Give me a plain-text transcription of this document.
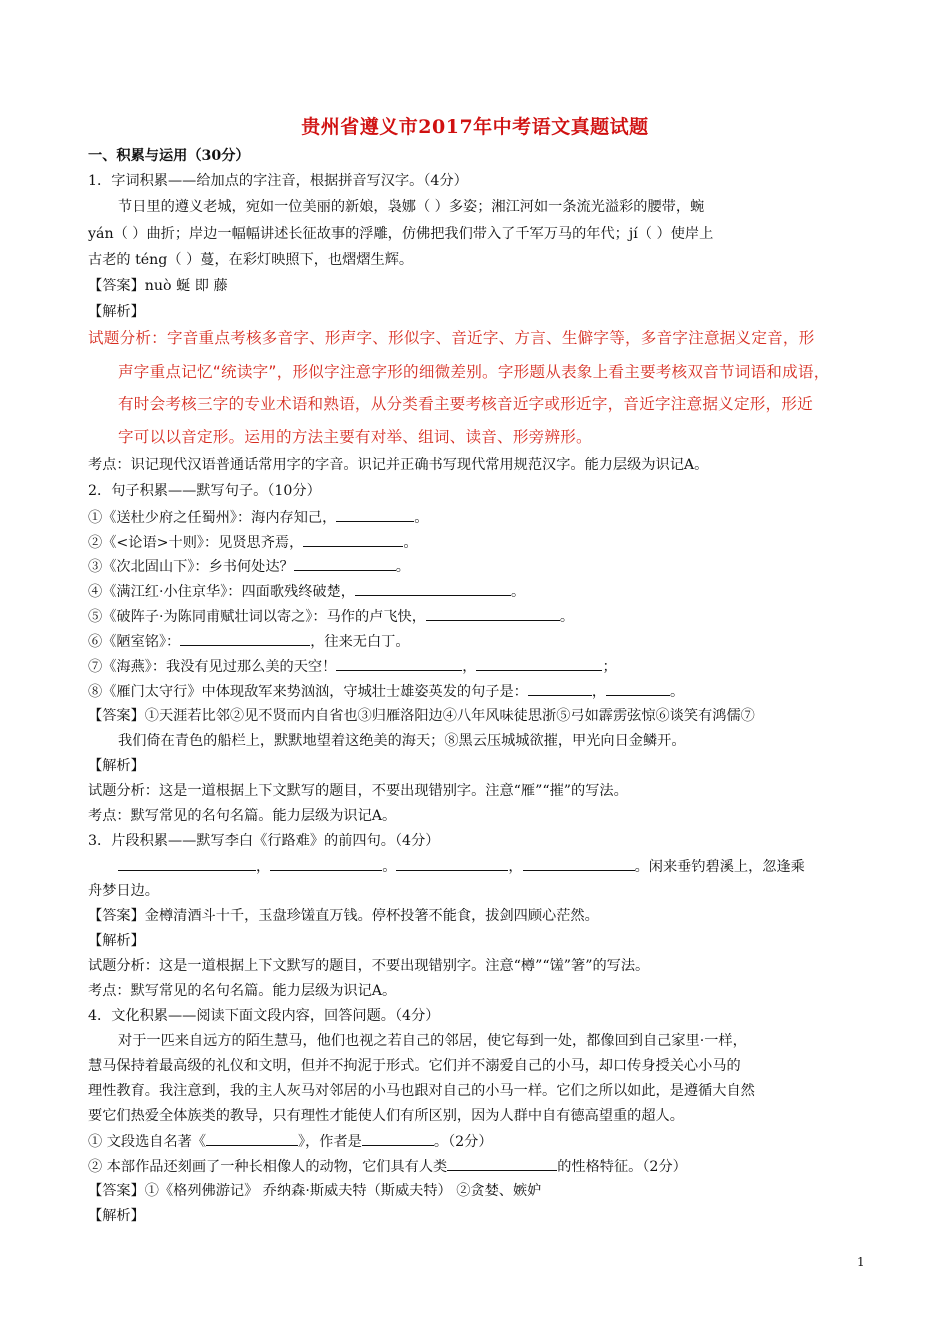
贵州省遵义市2017年中考语文真题试题
一、积累与运用（30分）
1．字词积累——给加点的字注音，根据拼音写汉字。（4分）
节日里的遵义老城，宛如一位美丽的新娘，袅娜（ ）多姿；湘江河如一条流光溢彩的腰带，蜿
yán（ ）曲折；岸边一幅幅讲述长征故事的浮雕，仿佛把我们带入了千军万马的年代；jí（ ）使岸上
古老的 téng（ ）蔓，在彩灯映照下，也熠熠生辉。
【答案】nuò 蜒 即 藤
【解析】
试题分析：字音重点考核多音字、形声字、形似字、音近字、方言、生僻字等，多音字注意据义定音，形
声字重点记忆“统读字”，形似字注意字形的细微差别。字形题从表象上看主要考核双音节词语和成语，
有时会考核三字的专业术语和熟语，从分类看主要考核音近字或形近字，音近字注意据义定形，形近
字可以以音定形。运用的方法主要有对举、组词、读音、形旁辨形。
考点：识记现代汉语普通话常用字的字音。识记并正确书写现代常用规范汉字。能力层级为识记A。
2．句子积累——默写句子。（10分）
①《送杜少府之任蜀州》：海内存知己，	。
②《<论语>十则》：见贤思齐焉，	。
③《次北固山下》：乡书何处达？	。
④《满江红·小住京华》：四面歌残终破楚，	。
⑤《破阵子·为陈同甫赋壮词以寄之》：马作的卢飞快，	。
⑥《陋室铭》：	，往来无白丁。
⑦《海燕》：我没有见过那么美的天空！	，	；
⑧《雁门太守行》中体现敌军来势汹汹，守城壮士雄姿英发的句子是：	，	。
【答案】①天涯若比邻②见不贤而内自省也③归雁洛阳边④八年风味徒思浙⑤弓如霹雳弦惊⑥谈笑有鸿儒⑦
我们倚在青色的船栏上，默默地望着这绝美的海天；⑧黑云压城城欲摧，甲光向日金鳞开。
【解析】
试题分析：这是一道根据上下文默写的题目，不要出现错别字。注意“雁”“摧”的写法。
考点：默写常见的名句名篇。能力层级为识记A。
3．片段积累——默写李白《行路难》的前四句。（4分）
，	。	，	。闲来垂钓碧溪上，忽逢乘
舟梦日边。
【答案】金樽清酒斗十千，玉盘珍馐直万钱。停杯投箸不能食，拔剑四顾心茫然。
【解析】
试题分析：这是一道根据上下文默写的题目，不要出现错别字。注意“樽”“馐”箸”的写法。
考点：默写常见的名句名篇。能力层级为识记A。
4．文化积累——阅读下面文段内容，回答问题。（4分）
对于一匹来自远方的陌生慧马，他们也视之若自己的邻居，使它每到一处，都像回到自己家里·一样，
慧马保持着最高级的礼仪和文明，但并不拘泥于形式。它们并不溺爱自己的小马，却口传身授关心小马的
理性教育。我注意到，我的主人灰马对邻居的小马也跟对自己的小马一样。它们之所以如此，是遵循大自然
要它们热爱全体族类的教导，只有理性才能使人们有所区别，因为人群中自有德高望重的超人。
① 文段选自名著《	》，作者是	。（2分）
② 本部作品还刻画了一种长相像人的动物，它们具有人类	的性格特征。（2分）
【答案】①《格列佛游记》 乔纳森·斯威夫特（斯威夫特） ②贪婪、嫉妒
【解析】
1
